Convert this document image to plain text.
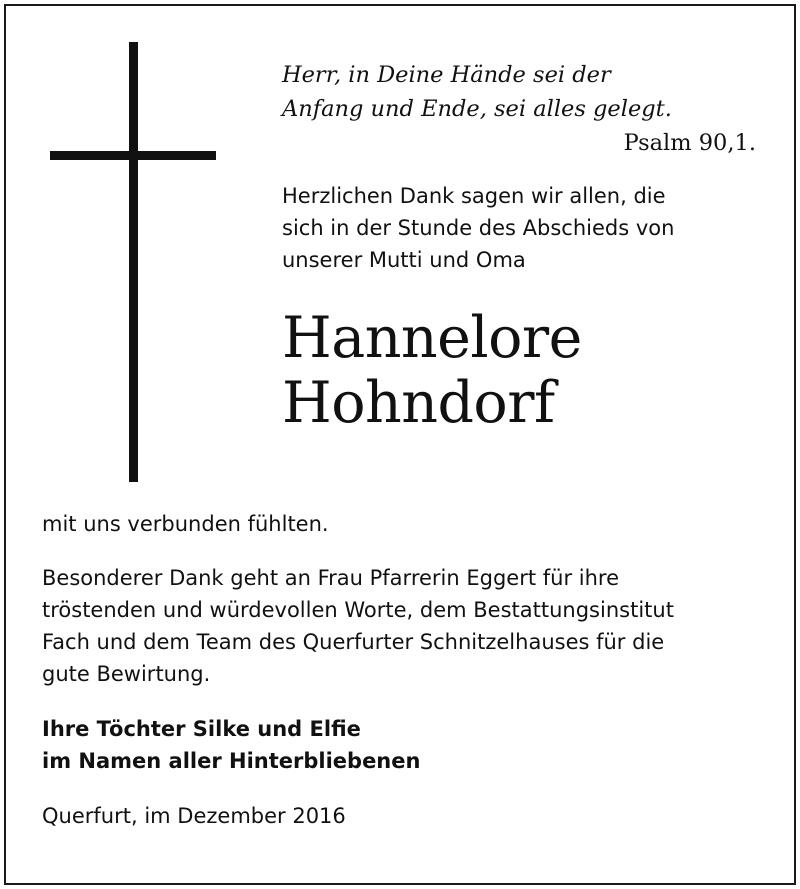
Herr, in Deine Hände sei der
Anfang und Ende, sei alles gelegt.
Psalm 90,1.
Herzlichen Dank sagen wir allen, die
sich in der Stunde des Abschieds von
unserer Mutti und Oma
Hannelore
Hohndorf
mit uns verbunden fühlten.
Besonderer Dank geht an Frau Pfarrerin Eggert für ihre
tröstenden und würdevollen Worte, dem Bestattungsinstitut
Fach und dem Team des Querfurter Schnitzelhauses für die
gute Bewirtung.
Ihre Töchter Silke und Elfie
im Namen aller Hinterbliebenen
Querfurt, im Dezember 2016
